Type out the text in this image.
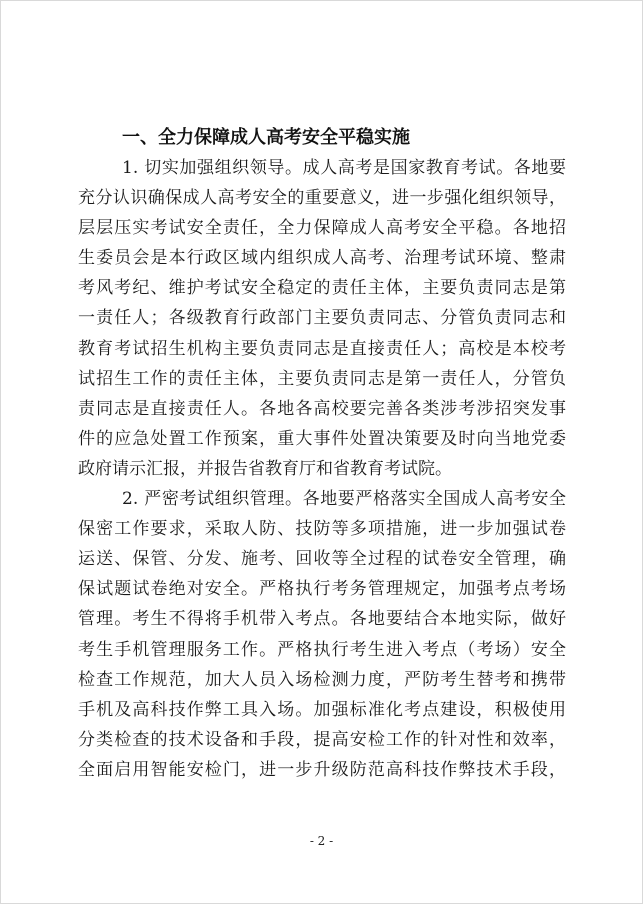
一、全力保障成人高考安全平稳实施

1. 切实加强组织领导。成人高考是国家教育考试。各地要
充分认识确保成人高考安全的重要意义，进一步强化组织领导，
层层压实考试安全责任，全力保障成人高考安全平稳。各地招
生委员会是本行政区域内组织成人高考、治理考试环境、整肃
考风考纪、维护考试安全稳定的责任主体，主要负责同志是第
一责任人；各级教育行政部门主要负责同志、分管负责同志和
教育考试招生机构主要负责同志是直接责任人；高校是本校考
试招生工作的责任主体，主要负责同志是第一责任人，分管负
责同志是直接责任人。各地各高校要完善各类涉考涉招突发事
件的应急处置工作预案，重大事件处置决策要及时向当地党委
政府请示汇报，并报告省教育厅和省教育考试院。

2. 严密考试组织管理。各地要严格落实全国成人高考安全
保密工作要求，采取人防、技防等多项措施，进一步加强试卷
运送、保管、分发、施考、回收等全过程的试卷安全管理，确
保试题试卷绝对安全。严格执行考务管理规定，加强考点考场
管理。考生不得将手机带入考点。各地要结合本地实际，做好
考生手机管理服务工作。严格执行考生进入考点（考场）安全
检查工作规范，加大人员入场检测力度，严防考生替考和携带
手机及高科技作弊工具入场。加强标准化考点建设，积极使用
分类检查的技术设备和手段，提高安检工作的针对性和效率，
全面启用智能安检门，进一步升级防范高科技作弊技术手段，

- 2 -
